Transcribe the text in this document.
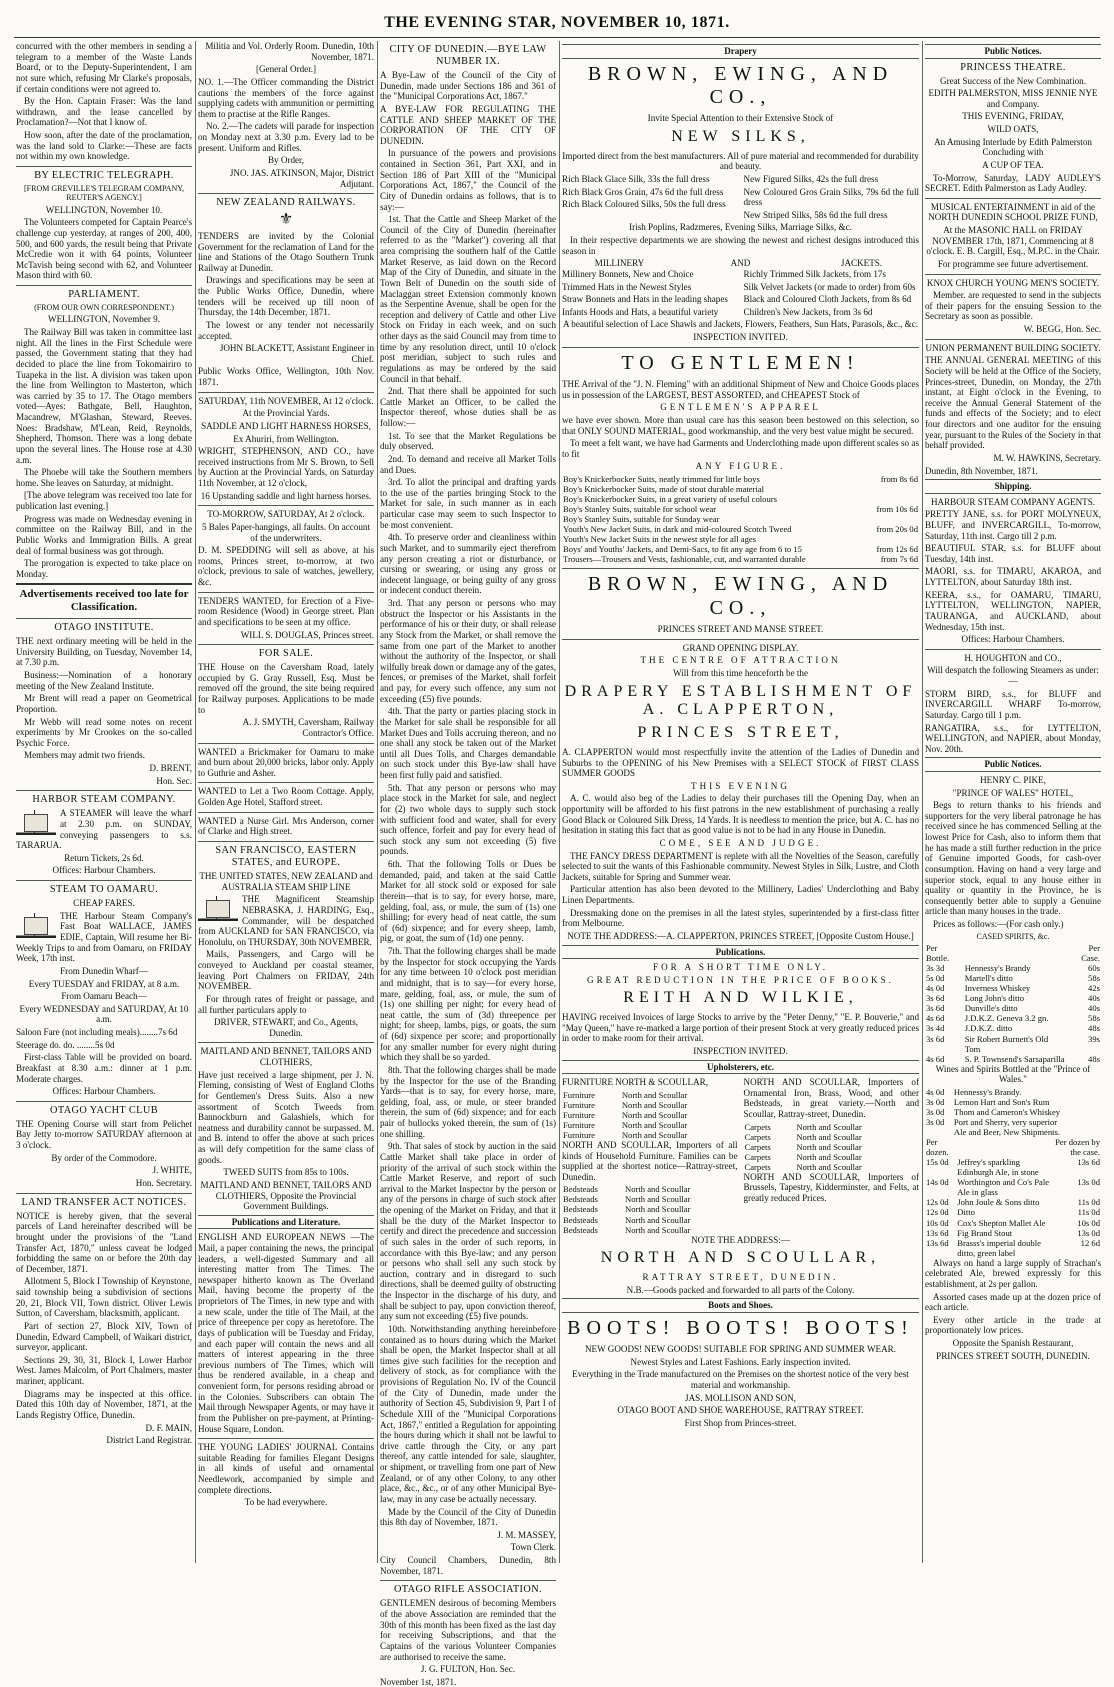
THE EVENING STAR, NOVEMBER 10, 1871.

concurred with the other members in sending a telegram to a member of the Waste Lands Board, or to the Deputy-Superintendent, I am not sure which, refusing Mr Clarke's proposals, if certain conditions were not agreed to.

By the Hon. Captain Fraser: Was the land withdrawn, and the lease cancelled by Proclamation?—Not that I know of.

How soon, after the date of the proclamation, was the land sold to Clarke:—These are facts not within my own knowledge.

BY ELECTRIC TELEGRAPH.

[FROM GREVILLE'S TELEGRAM COMPANY, REUTER'S AGENCY.]

WELLINGTON, November 10.

The Volunteers competed for Captain Pearce's challenge cup yesterday, at ranges of 200, 400, 500, and 600 yards, the result being that Private McCredie won it with 64 points, Volunteer McTavish being second with 62, and Volunteer Mason third with 60.

PARLIAMENT.

(FROM OUR OWN CORRESPONDENT.)

WELLINGTON, November 9.

The Railway Bill was taken in committee last night. All the lines in the First Schedule were passed, the Government stating that they had decided to place the line from Tokomairiro to Tuapeka in the list. A division was taken upon the line from Wellington to Masterton, which was carried by 35 to 17. The Otago members voted—Ayes: Bathgate, Bell, Haughton, Macandrew, M'Glashan, Steward, Reeves. Noes: Bradshaw, M'Lean, Reid, Reynolds, Shepherd, Thomson. There was a long debate upon the several lines. The House rose at 4.30 a.m.

The Phoebe will take the Southern members home. She leaves on Saturday, at midnight.

[The above telegram was received too late for publication last evening.]

Progress was made on Wednesday evening in committee on the Railway Bill, and in the Public Works and Immigration Bills. A great deal of formal business was got through.

The prorogation is expected to take place on Monday.

Advertisements received too late for Classification.
OTAGO INSTITUTE.

THE next ordinary meeting will be held in the University Building, on Tuesday, November 14, at 7.30 p.m.

Business:—Nomination of a honorary meeting of the New Zealand Institute.

Mr Brent will read a paper on Geometrical Proportion.

Mr Webb will read some notes on recent experiments by Mr Crookes on the so-called Psychic Force.

Members may admit two friends.

D. BRENT,

Hon. Sec.

HARBOR STEAM COMPANY.

A STEAMER will leave the wharf at 2.30 p.m. on SUNDAY, conveying passengers to s.s. TARARUA.

Return Tickets, 2s 6d.

Offices: Harbour Chambers.

STEAM TO OAMARU.

CHEAP FARES.

THE Harbour Steam Company's Fast Boat WALLACE, JAMES EDIE, Captain, Will resume her Bi-Weekly Trips to and from Oamaru, on FRIDAY Week, 17th inst.

From Dunedin Wharf—

Every TUESDAY and FRIDAY, at 8 a.m.

From Oamaru Beach—

Every WEDNESDAY and SATURDAY, At 10 a.m.

Saloon Fare (not including meals)........7s 6d

Steerage do. do. ........5s 0d

First-class Table will be provided on board. Breakfast at 8.30 a.m.: dinner at 1 p.m. Moderate charges.

Offices: Harbour Chambers.

OTAGO YACHT CLUB

THE Opening Course will start from Pelichet Bay Jetty to-morrow SATURDAY afternoon at 3 o'clock.

By order of the Commodore.

J. WHITE,

Hon. Secretary.

LAND TRANSFER ACT NOTICES.

NOTICE is hereby given, that the several parcels of Land hereinafter described will be brought under the provisions of the "Land Transfer Act, 1870," unless caveat be lodged forbidding the same on or before the 20th day of December, 1871.

Allotment 5, Block I Township of Keynstone, said township being a subdivision of sections 20, 21, Block VII, Town district. Oliver Lewis Sutton, of Caversham, blacksmith, applicant.

Part of section 27, Block XIV, Town of Dunedin, Edward Campbell, of Waikari district, surveyor, applicant.

Sections 29, 30, 31, Block I, Lower Harbor West. James Malcolm, of Port Chalmers, master mariner, applicant.

Diagrams may be inspected at this office. Dated this 10th day of November, 1871, at the Lands Registry Office, Dunedin.

D. F. MAIN,

District Land Registrar.

Militia and Vol. Orderly Room. Dunedin, 10th November, 1871.

[General Order.]

NO. 1.—The Officer commanding the District cautions the members of the force against supplying cadets with ammunition or permitting them to practise at the Rifle Ranges.

No. 2.—The cadets will parade for inspection on Monday next at 3.30 p.m. Every lad to be present. Uniform and Rifles.

By Order,

JNO. JAS. ATKINSON, Major, District Adjutant.

NEW ZEALAND RAILWAYS.
⚜

TENDERS are invited by the Colonial Government for the reclamation of Land for the line and Stations of the Otago Southern Trunk Railway at Dunedin.

Drawings and specifications may be seen at the Public Works Office, Dunedin, where tenders will be received up till noon of Thursday, the 14th December, 1871.

The lowest or any tender not necessarily accepted.

JOHN BLACKETT, Assistant Engineer in Chief.

Public Works Office, Wellington, 10th Nov. 1871.

SATURDAY, 11th NOVEMBER, At 12 o'clock.

At the Provincial Yards.

SADDLE AND LIGHT HARNESS HORSES,

Ex Ahuriri, from Wellington.

WRIGHT, STEPHENSON, AND CO., have received instructions from Mr S. Brown, to Sell by Auction at the Provincial Yards, on Saturday 11th November, at 12 o'clock,

16 Upstanding saddle and light harness horses.

TO-MORROW, SATURDAY, At 2 o'clock.

5 Bales Paper-hangings, all faults. On account of the underwriters.

D. M. SPEDDING will sell as above, at his rooms, Princes street, to-morrow, at two o'clock, previous to sale of watches, jewellery, &c.

TENDERS WANTED, for Erection of a Five-room Residence (Wood) in George street. Plan and specifications to be seen at my office.

WILL S. DOUGLAS, Princes street.

FOR SALE.

THE House on the Caversham Road, lately occupied by G. Gray Russell, Esq. Must be removed off the ground, the site being required for Railway purposes. Applications to be made to

A. J. SMYTH, Caversham, Railway Contractor's Office.

WANTED a Brickmaker for Oamaru to make and burn about 20,000 bricks, labor only. Apply to Guthrie and Asher.

WANTED to Let a Two Room Cottage. Apply, Golden Age Hotel, Stafford street.

WANTED a Nurse Girl. Mrs Anderson, corner of Clarke and High street.

SAN FRANCISCO, EASTERN STATES, and EUROPE.

THE UNITED STATES, NEW ZEALAND and AUSTRALIA STEAM SHIP LINE

THE Magnificent Steamship NEBRASKA, J. HARDING, Esq., Commander, will be despatched from AUCKLAND for SAN FRANCISCO, via Honolulu, on THURSDAY, 30th NOVEMBER.

Mails, Passengers, and Cargo will be conveyed to Auckland per coastal steamer, leaving Port Chalmers on FRIDAY, 24th NOVEMBER.

For through rates of freight or passage, and all further particulars apply to

DRIVER, STEWART, and Co., Agents, Dunedin.

MAITLAND AND BENNET, TAILORS AND CLOTHIERS,

Have just received a large shipment, per J. N. Fleming, consisting of West of England Cloths for Gentlemen's Dress Suits. Also a new assortment of Scotch Tweeds from Bannockburn and Galashiels, which for neatness and durability cannot be surpassed. M. and B. intend to offer the above at such prices as will defy competition for the same class of goods.

TWEED SUITS from 85s to 100s.

MAITLAND AND BENNET, TAILORS AND CLOTHIERS, Opposite the Provincial Government Buildings.

Publications and Literature.

ENGLISH AND EUROPEAN NEWS —The Mail, a paper containing the news, the principal leaders, a well-digested Summary and all interesting matter from The Times. The newspaper hitherto known as The Overland Mail, having become the property of the proprietors of The Times, in new type and with a new scale, under the title of The Mail, at the price of threepence per copy as heretofore. The days of publication will be Tuesday and Friday, and each paper will contain the news and all matters of interest appearing in the three previous numbers of The Times, which will thus be rendered available, in a cheap and convenient form, for persons residing abroad or in the Colonies. Subscribers can obtain The Mail through Newspaper Agents, or may have it from the Publisher on pre-payment, at Printing-House Square, London.

THE YOUNG LADIES' JOURNAL Contains suitable Reading for families Elegant Designs in all kinds of useful and ornamental Needlework, accompanied by simple and complete directions.

To be had everywhere.

CITY OF DUNEDIN.—BYE LAW NUMBER IX.

A Bye-Law of the Council of the City of Dunedin, made under Sections 186 and 361 of the "Municipal Corporations Act, 1867."

A BYE-LAW FOR REGULATING THE CATTLE AND SHEEP MARKET OF THE CORPORATION OF THE CITY OF DUNEDIN.

In pursuance of the powers and provisions contained in Section 361, Part XXI, and in Section 186 of Part XIII of the "Municipal Corporations Act, 1867," the Council of the City of Dunedin ordains as follows, that is to say:—

1st. That the Cattle and Sheep Market of the Council of the City of Dunedin (hereinafter referred to as the "Market") covering all that area comprising the southern half of the Cattle Market Reserve, as laid down on the Record Map of the City of Dunedin, and situate in the Town Belt of Dunedin on the south side of Maclaggan street Extension commonly known as the Serpentine Avenue, shall be open for the reception and delivery of Cattle and other Live Stock on Friday in each week, and on such other days as the said Council may from time to time by any resolution direct, until 10 o'clock post meridian, subject to such rules and regulations as may be ordered by the said Council in that behalf.

2nd. That there shall be appointed for such Cattle Market an Officer, to be called the Inspector thereof, whose duties shall be as follow:—

1st. To see that the Market Regulations be duly observed.

2nd. To demand and receive all Market Tolls and Dues.

3rd. To allot the principal and drafting yards to the use of the parties bringing Stock to the Market for sale, in such manner as in each particular case may seem to such Inspector to be most convenient.

4th. To preserve order and cleanliness within such Market, and to summarily eject therefrom any person creating a riot or disturbance, or cursing or swearing, or using any gross or indecent language, or being guilty of any gross or indecent conduct therein.

3rd. That any person or persons who may obstruct the Inspector or his Assistants in the performance of his or their duty, or shall release any Stock from the Market, or shall remove the same from one part of the Market to another without the authority of the Inspector, or shall wilfully break down or damage any of the gates, fences, or premises of the Market, shall forfeit and pay, for every such offence, any sum not exceeding (£5) five pounds.

4th. That the party or parties placing stock in the Market for sale shall be responsible for all Market Dues and Tolls accruing thereon, and no one shall any stock be taken out of the Market until all Dues Tolls, and Charges demandable on such stock under this Bye-law shall have been first fully paid and satisfied.

5th. That any person or persons who may place stock in the Market for sale, and neglect for (2) two whole days to supply such stock with sufficient food and water, shall for every such offence, forfeit and pay for every head of such stock any sum not exceeding (5) five pounds.

6th. That the following Tolls or Dues be demanded, paid, and taken at the said Cattle Market for all stock sold or exposed for sale therein—that is to say, for every horse, mare, gelding, foal, ass, or mule, the sum of (1s) one shilling; for every head of neat cattle, the sum of (6d) sixpence; and for every sheep, lamb, pig, or goat, the sum of (1d) one penny.

7th. That the following charges shall be made by the Inspector for stock occupying the Yards for any time between 10 o'clock post meridian and midnight, that is to say—for every horse, mare, gelding, foal, ass, or mule, the sum of (1s) one shilling per night; for every head of neat cattle, the sum of (3d) threepence per night; for sheep, lambs, pigs, or goats, the sum of (6d) sixpence per score; and proportionally for any smaller number for every night during which they shall be so yarded.

8th. That the following charges shall be made by the Inspector for the use of the Branding Yards—that is to say, for every horse, mare, gelding, foal, ass, or mule, or steer branded therein, the sum of (6d) sixpence; and for each pair of bullocks yoked therein, the sum of (1s) one shilling.

9th. That sales of stock by auction in the said Cattle Market shall take place in order of priority of the arrival of such stock within the Cattle Market Reserve, and report of such arrival to the Market Inspector by the person or any of the persons in charge of such stock after the opening of the Market on Friday, and that it shall be the duty of the Market Inspector to certify and direct the precedence and succession of such sales in the order of such reports, in accordance with this Bye-law; and any person or persons who shall sell any such stock by auction, contrary and in disregard to such directions, shall be deemed guilty of obstructing the Inspector in the discharge of his duty, and shall be subject to pay, upon conviction thereof, any sum not exceeding (£5) five pounds.

10th. Notwithstanding anything hereinbefore contained as to hours during which the Market shall be open, the Market Inspector shall at all times give such facilities for the reception and delivery of stock, as for compliance with the provisions of Regulation No. IV of the Council of the City of Dunedin, made under the authority of Section 45, Subdivision 9, Part I of Schedule XIII of the "Municipal Corporations Act, 1867," entitled a Regulation for appointing the hours during which it shall not be lawful to drive cattle through the City, or any part thereof, any cattle intended for sale, slaughter, or shipment, or travelling from one part of New Zealand, or of any other Colony, to any other place, &c., &c., or of any other Municipal Bye-law, may in any case be actually necessary.

Made by the Council of the City of Dunedin this 8th day of November, 1871.

J. M. MASSEY,

Town Clerk.

City Council Chambers, Dunedin, 8th November, 1871.

OTAGO RIFLE ASSOCIATION.

GENTLEMEN desirous of becoming Members of the above Association are reminded that the 30th of this month has been fixed as the last day for receiving Subscriptions, and that the Captains of the various Volunteer Companies are authorised to receive the same.

J. G. FULTON, Hon. Sec.

November 1st, 1871.

Drapery
BROWN, EWING, AND CO.,

Invite Special Attention to their Extensive Stock of

NEW SILKS,

Imported direct from the best manufacturers. All of pure material and recommended for durability and beauty.

Rich Black Glace Silk, 33s the full dress

Rich Black Gros Grain, 47s 6d the full dress

Rich Black Coloured Silks, 50s the full dress

New Figured Silks, 42s the full dress

New Coloured Gros Grain Silks, 79s 6d the full dress

New Striped Silks, 58s 6d the full dress

Irish Poplins, Radzmeres, Evening Silks, Marriage Silks, &c.

In their respective departments we are showing the newest and richest designs introduced this season in

MILLINERY	AND	JACKETS.

Millinery Bonnets, New and Choice

Trimmed Hats in the Newest Styles

Straw Bonnets and Hats in the leading shapes

Infants Hoods and Hats, a beautiful variety

Richly Trimmed Silk Jackets, from 17s

Silk Velvet Jackets (or made to order) from 60s

Black and Coloured Cloth Jackets, from 8s 6d

Children's New Jackets, from 3s 6d

A beautiful selection of Lace Shawls and Jackets, Flowers, Feathers, Sun Hats, Parasols, &c., &c.

INSPECTION INVITED.

TO GENTLEMEN!

THE Arrival of the "J. N. Fleming" with an additional Shipment of New and Choice Goods places us in possession of the LARGEST, BEST ASSORTED, and CHEAPEST Stock of

GENTLEMEN'S APPAREL

we have ever shown. More than usual care has this season been bestowed on this selection, so that ONLY SOUND MATERIAL, good workmanship, and the very best value might be secured.

To meet a felt want, we have had Garments and Underclothing made upon different scales so as to fit

ANY FIGURE.

Boy's Knickerbocker Suits, neatly trimmed for little boys	from 8s 6d
Boy's Knickerbocker Suits, made of stout durable material	
Boy's Knickerbocker Suits, in a great variety of useful colours	
Boy's Stanley Suits, suitable for school wear	from 10s 6d
Boy's Stanley Suits, suitable for Sunday wear	
Youth's New Jacket Suits, in dark and mid-coloured Scotch Tweed	from 20s 0d
Youth's New Jacket Suits in the newest style for all ages	
Boys' and Youths' Jackets, and Demi-Sacs, to fit any age from 6 to 15	from 12s 6d
Trousers—Trousers and Vests, fashionable, cut, and warranted durable	from 7s 6d
BROWN, EWING, AND CO.,

PRINCES STREET AND MANSE STREET.

GRAND OPENING DISPLAY.

THE CENTRE OF ATTRACTION

Will from this time henceforth be the

DRAPERY ESTABLISHMENT OF A. CLAPPERTON,
PRINCES STREET,

A. CLAPPERTON would most respectfully invite the attention of the Ladies of Dunedin and Suburbs to the OPENING of his New Premises with a SELECT STOCK of FIRST CLASS SUMMER GOODS

THIS EVENING

A. C. would also beg of the Ladies to delay their purchases till the Opening Day, when an opportunity will be afforded to his first patrons in the new establishment of purchasing a really Good Black or Coloured Silk Dress, 14 Yards. It is needless to mention the price, but A. C. has no hesitation in stating this fact that as good value is not to be had in any House in Dunedin.

COME, SEE AND JUDGE.

THE FANCY DRESS DEPARTMENT is replete with all the Novelties of the Season, carefully selected to suit the wants of this Fashionable community. Newest Styles in Silk, Lustre, and Cloth Jackets, suitable for Spring and Summer wear.

Particular attention has also been devoted to the Millinery, Ladies' Underclothing and Baby Linen Departments.

Dressmaking done on the premises in all the latest styles, superintended by a first-class fitter from Melbourne.

NOTE THE ADDRESS:—A. CLAPPERTON, PRINCES STREET, [Opposite Custom House.]

Publications.

FOR A SHORT TIME ONLY.

GREAT REDUCTION IN THE PRICE OF BOOKS.

REITH AND WILKIE,

HAVING received Invoices of large Stocks to arrive by the "Peter Denny," "E. P. Bouverie," and "May Queen," have re-marked a large portion of their present Stock at very greatly reduced prices in order to make room for their arrival.

INSPECTION INVITED.

Upholsterers, etc.

FURNITURE NORTH & SCOULLAR,

Furniture	North and Scoullar
Furniture	North and Scoullar
Furniture	North and Scoullar
Furniture	North and Scoullar
Furniture	North and Scoullar

NORTH AND SCOULLAR, Importers of all kinds of Household Furniture. Families can be supplied at the shortest notice—Rattray-street, Dunedin.

Bedsteads	North and Scoullar
Bedsteads	North and Scoullar
Bedsteads	North and Scoullar
Bedsteads	North and Scoullar
Bedsteads	North and Scoullar

NORTH AND SCOULLAR, Importers of Ornamental Iron, Brass, Wood, and other Bedsteads, in great variety.—North and Scoullar, Rattray-street, Dunedin.

Carpets	North and Scoullar
Carpets	North and Scoullar
Carpets	North and Scoullar
Carpets	North and Scoullar
Carpets	North and Scoullar

NORTH AND SCOULLAR, Importers of Brussels, Tapestry, Kidderminster, and Felts, at greatly reduced Prices.

NOTE THE ADDRESS:—

NORTH AND SCOULLAR,

RATTRAY STREET, DUNEDIN.

N.B.—Goods packed and forwarded to all parts of the Colony.

Boots and Shoes.
BOOTS! BOOTS! BOOTS!

NEW GOODS! NEW GOODS! SUITABLE FOR SPRING AND SUMMER WEAR.

Newest Styles and Latest Fashions. Early inspection invited.

Everything in the Trade manufactured on the Premises on the shortest notice of the very best material and workmanship.

JAS. MOLLISON AND SON,

OTAGO BOOT AND SHOE WAREHOUSE, RATTRAY STREET.

First Shop from Princes-street.

Public Notices.
PRINCESS THEATRE.

Great Success of the New Combination.

EDITH PALMERSTON, MISS JENNIE NYE and Company.

THIS EVENING, FRIDAY,

WILD OATS,

An Amusing Interlude by Edith Palmerston Concluding with

A CUP OF TEA.

To-Morrow, Saturday, LADY AUDLEY'S SECRET. Edith Palmerston as Lady Audley.

MUSICAL ENTERTAINMENT in aid of the NORTH DUNEDIN SCHOOL PRIZE FUND,

At the MASONIC HALL on FRIDAY NOVEMBER 17th, 1871, Commencing at 8 o'clock. E. B. Cargill, Esq., M.P.C. in the Chair.

For programme see future advertisement.

KNOX CHURCH YOUNG MEN'S SOCIETY.

Member. are requested to send in the subjects of their papers for the ensuing Session to the Secretary as soon as possible.

W. BEGG, Hon. Sec.

UNION PERMANENT BUILDING SOCIETY.

THE ANNUAL GENERAL MEETING of this Society will be held at the Office of the Society, Princes-street, Dunedin, on Monday, the 27th instant, at Eight o'clock in the Evening, to receive the Annual General Statement of the funds and effects of the Society; and to elect four directors and one auditor for the ensuing year, pursuant to the Rules of the Society in that behalf provided.

M. W. HAWKINS, Secretary.

Dunedin, 8th November, 1871.

Shipping.

HARBOUR STEAM COMPANY AGENTS.

PRETTY JANE, s.s. for PORT MOLYNEUX, BLUFF, and INVERCARGILL, To-morrow, Saturday, 11th inst. Cargo till 2 p.m.

BEAUTIFUL STAR, s.s. for BLUFF about Tuesday, 14th inst.

MAORI, s.s. for TIMARU, AKAROA, and LYTTELTON, about Saturday 18th inst.

KEERA, s.s., for OAMARU, TIMARU, LYTTELTON, WELLINGTON, NAPIER, TAURANGA, and AUCKLAND, about Wednesday, 15th inst.

Offices: Harbour Chambers.

H. HOUGHTON and CO.,

Will despatch the following Steamers as under:—

STORM BIRD, s.s., for BLUFF and INVERCARGILL WHARF To-morrow, Saturday. Cargo till 1 p.m.

RANGATIRA, s.s., for LYTTELTON, WELLINGTON, and NAPIER, about Monday, Nov. 20th.

Public Notices.

HENRY C. PIKE,

"PRINCE OF WALES" HOTEL,

Begs to return thanks to his friends and supporters for the very liberal patronage he has received since he has commenced Selling at the lowest Price for Cash, also to inform them that he has made a still further reduction in the price of Genuine imported Goods, for cash-over consumption. Having on hand a very large and superior stock, equal to any house either in quality or quantity in the Province, he is consequently better able to supply a Genuine article than many houses in the trade.

Prices as follows:—(For cash only.)

CASED SPIRITS, &c.

Per Bottle.		Per Case.
3s 3d	Hennessy's Brandy	60s
5s 0d	Martell's ditto	58s
4s 0d	Inverness Whiskey	42s
3s 6d	Long John's ditto	40s
3s 6d	Dunville's ditto	40s
4s 6d	J.D.K.Z. Geneva 3.2 gn.	58s
3s 4d	J.D.K.Z. ditto	48s
3s 6d	Sir Robert Burnett's Old Tom	39s
4s 6d	S. P. Townsend's Sarsaparilla	48s

Wines and Spirits Bottled at the "Prince of Wales."

4s 0d	Hennessy's Brandy.
3s 0d	Lemon Hart and Son's Rum
3s 0d	Thom and Cameron's Whiskey
3s 0d	Port and Sherry, very superior
	Ale and Beer, New Shipments.
Per dozen.		Per dozen by the case.
15s 0d	Jeffrey's sparkling Edinburgh Ale, in stone	13s 6d
14s 0d	Worthington and Co's Pale Ale in glass	13s 0d
12s 0d	John Joule & Sons ditto	11s 0d
12s 0d	Ditto	11s 0d
10s 0d	Cox's Shepton Mallet Ale	10s 0d
13s 6d	Fig Brand Stout	13s 0d
13s 6d	Brasss's imperial double ditto, green label	12 6d

Always on hand a large supply of Strachan's celebrated Ale, brewed expressly for this establishment, at 2s per gallon.

Assorted cases made up at the dozen price of each article.

Every other article in the trade at proportionately low prices.

Opposite the Spanish Restaurant,

PRINCES STREET SOUTH, DUNEDIN.
